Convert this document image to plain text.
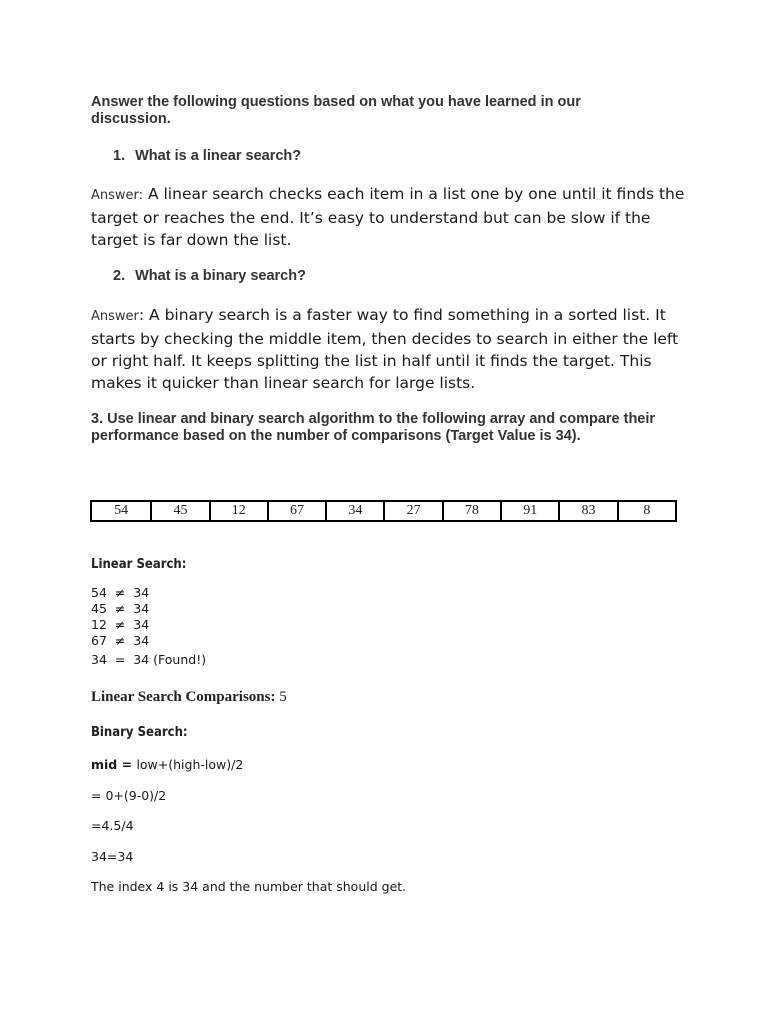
Answer the following questions based on what you have learned in our discussion.
1. What is a linear search?
Answer: A linear search checks each item in a list one by one until it finds the target or reaches the end. It’s easy to understand but can be slow if the target is far down the list.
2. What is a binary search?
Answer: A binary search is a faster way to find something in a sorted list. It starts by checking the middle item, then decides to search in either the left or right half. It keeps splitting the list in half until it finds the target. This makes it quicker than linear search for large lists.
3. Use linear and binary search algorithm to the following array and compare their performance based on the number of comparisons (Target Value is 34).
54	45	12	67	34	27	78	91	83	8
Linear Search:
54  ≠  34
45  ≠  34
12  ≠  34
67  ≠  34
34  =  34 (Found!)
Linear Search Comparisons: 5
Binary Search:
mid = low+(high-low)/2
= 0+(9-0)/2
=4.5/4
34=34
The index 4 is 34 and the number that should get.
